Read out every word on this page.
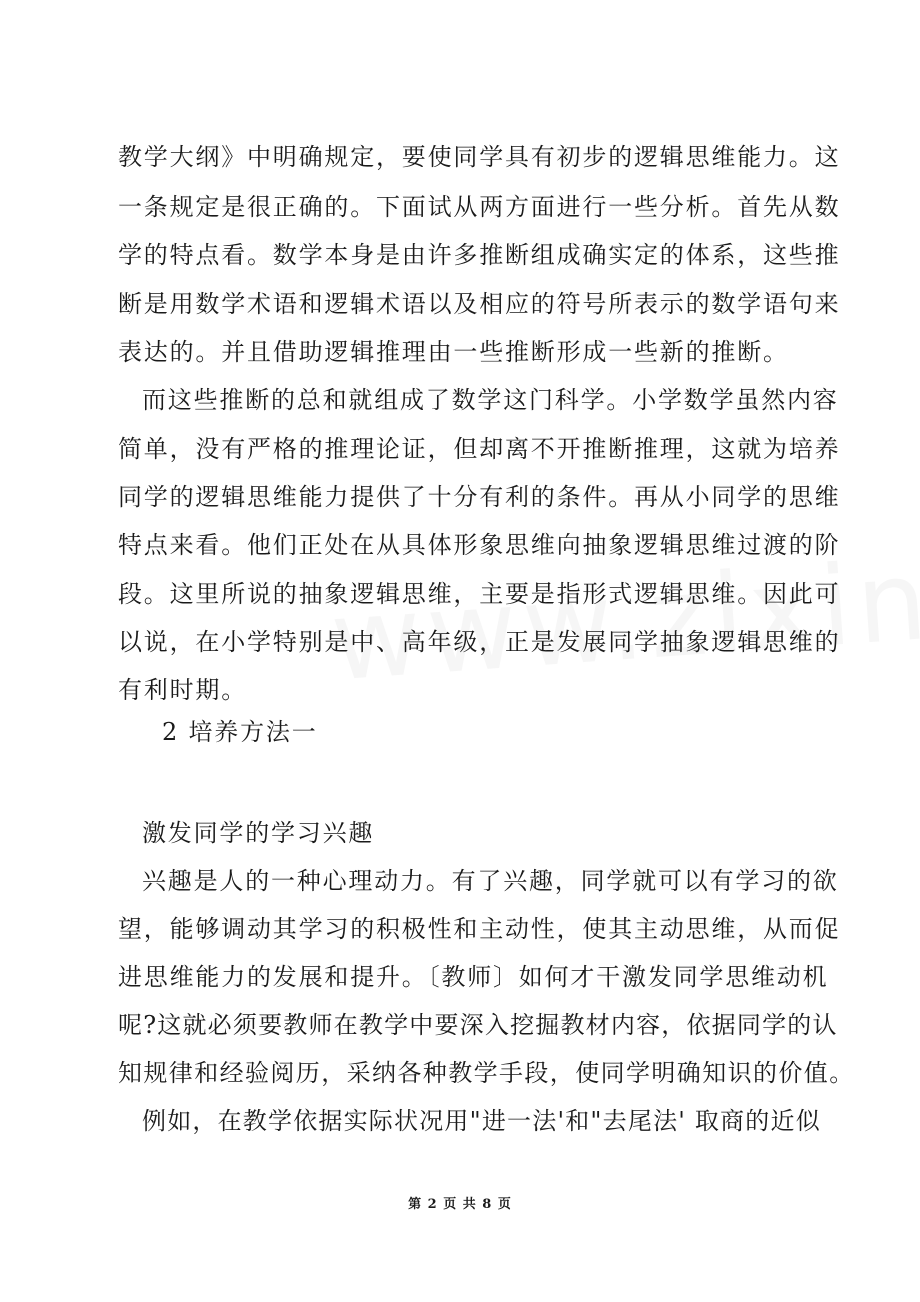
教学大纲》中明确规定，要使同学具有初步的逻辑思维能力。这
一条规定是很正确的。下面试从两方面进行一些分析。首先从数
学的特点看。数学本身是由许多推断组成确实定的体系，这些推
断是用数学术语和逻辑术语以及相应的符号所表示的数学语句来
表达的。并且借助逻辑推理由一些推断形成一些新的推断。
而这些推断的总和就组成了数学这门科学。小学数学虽然内容
简单，没有严格的推理论证，但却离不开推断推理，这就为培养
同学的逻辑思维能力提供了十分有利的条件。再从小同学的思维
特点来看。他们正处在从具体形象思维向抽象逻辑思维过渡的阶
段。这里所说的抽象逻辑思维，主要是指形式逻辑思维。因此可
以说，在小学特别是中、高年级，正是发展同学抽象逻辑思维的
有利时期。
2 培养方法一
激发同学的学习兴趣
兴趣是人的一种心理动力。有了兴趣，同学就可以有学习的欲
望，能够调动其学习的积极性和主动性，使其主动思维，从而促
进思维能力的发展和提升。〔教师〕如何才干激发同学思维动机
呢?这就必须要教师在教学中要深入挖掘教材内容，依据同学的认
知规律和经验阅历，采纳各种教学手段，使同学明确知识的价值。
例如，在教学依据实际状况用"进一法'和"去尾法' 取商的近似
第 2 页 共 8 页
